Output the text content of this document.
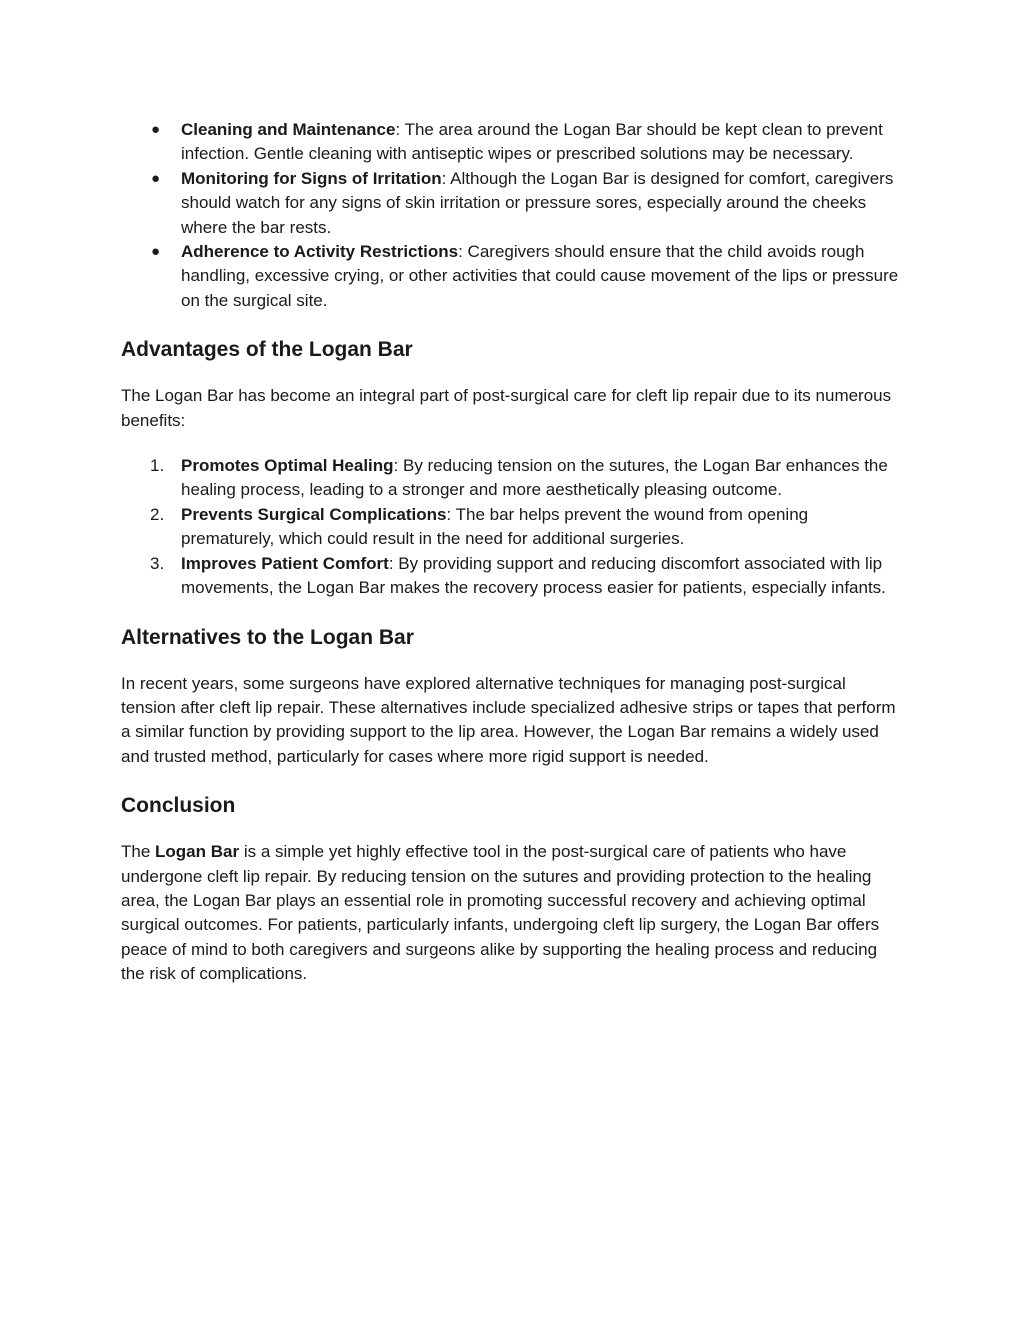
●	Cleaning and Maintenance: The area around the Logan Bar should be kept clean to prevent infection. Gentle cleaning with antiseptic wipes or prescribed solutions may be necessary.
●	Monitoring for Signs of Irritation: Although the Logan Bar is designed for comfort, caregivers should watch for any signs of skin irritation or pressure sores, especially around the cheeks where the bar rests.
●	Adherence to Activity Restrictions: Caregivers should ensure that the child avoids rough handling, excessive crying, or other activities that could cause movement of the lips or pressure on the surgical site.
Advantages of the Logan Bar

The Logan Bar has become an integral part of post-surgical care for cleft lip repair due to its numerous benefits:

1. Promotes Optimal Healing: By reducing tension on the sutures, the Logan Bar enhances the healing process, leading to a stronger and more aesthetically pleasing outcome.
2. Prevents Surgical Complications: The bar helps prevent the wound from opening prematurely, which could result in the need for additional surgeries.
3. Improves Patient Comfort: By providing support and reducing discomfort associated with lip movements, the Logan Bar makes the recovery process easier for patients, especially infants.
Alternatives to the Logan Bar

In recent years, some surgeons have explored alternative techniques for managing post-surgical tension after cleft lip repair. These alternatives include specialized adhesive strips or tapes that perform a similar function by providing support to the lip area. However, the Logan Bar remains a widely used and trusted method, particularly for cases where more rigid support is needed.

Conclusion

The Logan Bar is a simple yet highly effective tool in the post-surgical care of patients who have undergone cleft lip repair. By reducing tension on the sutures and providing protection to the healing area, the Logan Bar plays an essential role in promoting successful recovery and achieving optimal surgical outcomes. For patients, particularly infants, undergoing cleft lip surgery, the Logan Bar offers peace of mind to both caregivers and surgeons alike by supporting the healing process and reducing the risk of complications.
